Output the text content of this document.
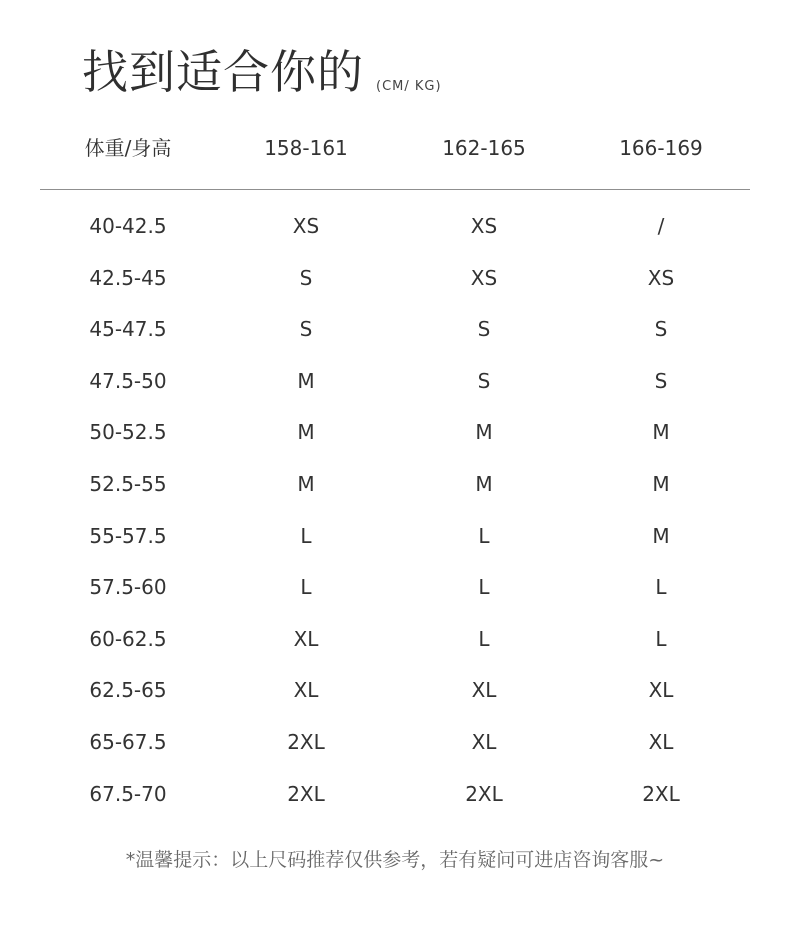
找到适合你的 (CM/ KG)
体重/身高	158-161	162-165	166-169
40-42.5	XS	XS	/
42.5-45	S	XS	XS
45-47.5	S	S	S
47.5-50	M	S	S
50-52.5	M	M	M
52.5-55	M	M	M
55-57.5	L	L	M
57.5-60	L	L	L
60-62.5	XL	L	L
62.5-65	XL	XL	XL
65-67.5	2XL	XL	XL
67.5-70	2XL	2XL	2XL
*温馨提示：以上尺码推荐仅供参考，若有疑问可进店咨询客服~
